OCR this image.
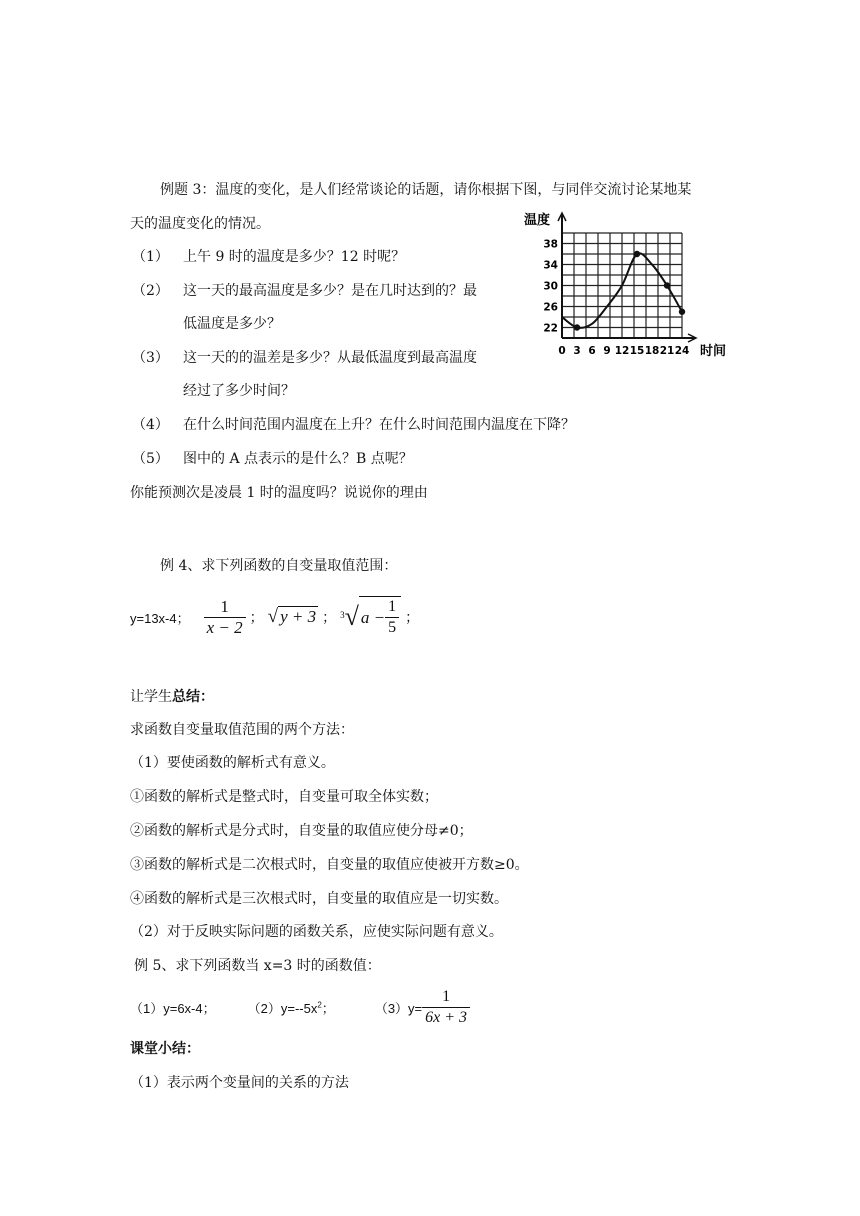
例题 3：温度的变化，是人们经常谈论的话题，请你根据下图，与同伴交流讨论某地某
天的温度变化的情况。
（1） 上午 9 时的温度是多少？12 时呢？
（2） 这一天的最高温度是多少？是在几时达到的？最
低温度是多少？
（3） 这一天的的温差是多少？从最低温度到最高温度
经过了多少时间？
（4） 在什么时间范围内温度在上升？在什么时间范围内温度在下降？
（5） 图中的 A 点表示的是什么？B 点呢？
你能预测次是凌晨 1 时的温度吗？说说你的理由
0 3 6 9 12 15 18 21 24
22
26
30
34
38
温度
时间
例 4、求下列函数的自变量取值范围：
y=13x-4； $\frac{1}{x - 2}$ ； √ y + 3 ； $^3$ √ $a - \frac{1}{5}$ ；
让学生总结：
求函数自变量取值范围的两个方法：
（1）要使函数的解析式有意义。
①函数的解析式是整式时，自变量可取全体实数；
②函数的解析式是分式时，自变量的取值应使分母≠0；
③函数的解析式是二次根式时，自变量的取值应使被开方数≥0。
④函数的解析式是三次根式时，自变量的取值应是一切实数。
（2）对于反映实际问题的函数关系，应使实际问题有意义。
例 5、求下列函数当 x=3 时的函数值：
（1）y=6x-4； $(2)y=--5x^2$；	$(3)y= \frac{1}{6x + 3}$
课堂小结：
（1）表示两个变量间的关系的方法
